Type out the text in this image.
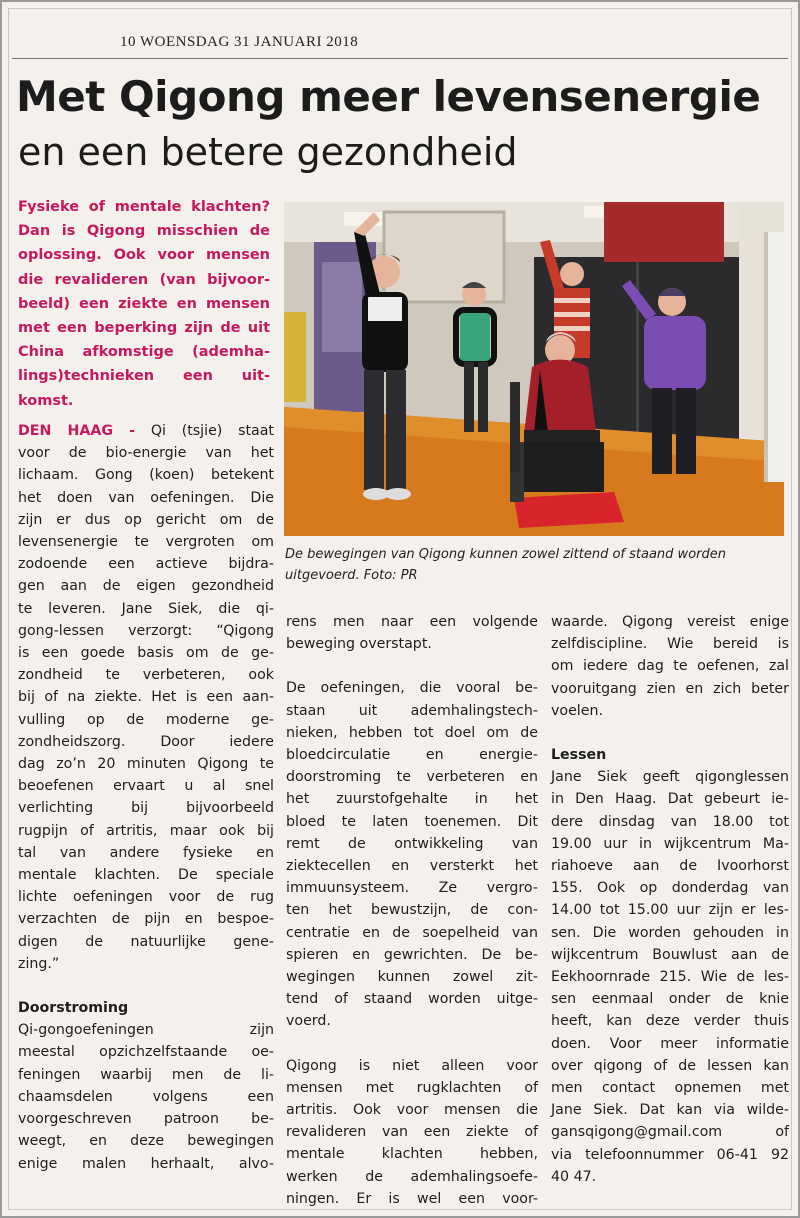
10 WOENSDAG 31 JANUARI 2018
Met Qigong meer levensenergie
en een betere gezondheid
Fysieke of mentale klachten?
Dan is Qigong misschien de
oplossing. Ook voor mensen
die revalideren (van bijvoor-
beeld) een ziekte en mensen
met een beperking zijn de uit
China afkomstige (ademha-
lings)technieken een uit-
komst.
De bewegingen van Qigong kunnen zowel zittend of staand worden
uitgevoerd. Foto: PR
DEN HAAG - Qi (tsjie) staat
voor de bio-energie van het
lichaam. Gong (koen) betekent
het doen van oefeningen. Die
zijn er dus op gericht om de
levensenergie te vergroten om
zodoende een actieve bijdra-
gen aan de eigen gezondheid
te leveren. Jane Siek, die qi-
gong-lessen verzorgt: “Qigong
is een goede basis om de ge-
zondheid te verbeteren, ook
bij of na ziekte. Het is een aan-
vulling op de moderne ge-
zondheidszorg. Door iedere
dag zo’n 20 minuten Qigong te
beoefenen ervaart u al snel
verlichting bij bijvoorbeeld
rugpijn of artritis, maar ook bij
tal van andere fysieke en
mentale klachten. De speciale
lichte oefeningen voor de rug
verzachten de pijn en bespoe-
digen de natuurlijke gene-
zing.”
Doorstroming
Qi-gongoefeningen zijn
meestal opzichzelfstaande oe-
feningen waarbij men de li-
chaamsdelen volgens een
voorgeschreven patroon be-
weegt, en deze bewegingen
enige malen herhaalt, alvo-
rens men naar een volgende
beweging overstapt.
De oefeningen, die vooral be-
staan uit ademhalingstech-
nieken, hebben tot doel om de
bloedcirculatie en energie-
doorstroming te verbeteren en
het zuurstofgehalte in het
bloed te laten toenemen. Dit
remt de ontwikkeling van
ziektecellen en versterkt het
immuunsysteem. Ze vergro-
ten het bewustzijn, de con-
centratie en de soepelheid van
spieren en gewrichten. De be-
wegingen kunnen zowel zit-
tend of staand worden uitge-
voerd.
Qigong is niet alleen voor
mensen met rugklachten of
artritis. Ook voor mensen die
revalideren van een ziekte of
mentale klachten hebben,
werken de ademhalingsoefe-
ningen. Er is wel een voor-
waarde. Qigong vereist enige
zelfdiscipline. Wie bereid is
om iedere dag te oefenen, zal
vooruitgang zien en zich beter
voelen.
Lessen
Jane Siek geeft qigonglessen
in Den Haag. Dat gebeurt ie-
dere dinsdag van 18.00 tot
19.00 uur in wijkcentrum Ma-
riahoeve aan de Ivoorhorst
155. Ook op donderdag van
14.00 tot 15.00 uur zijn er les-
sen. Die worden gehouden in
wijkcentrum Bouwlust aan de
Eekhoornrade 215. Wie de les-
sen eenmaal onder de knie
heeft, kan deze verder thuis
doen. Voor meer informatie
over qigong of de lessen kan
men contact opnemen met
Jane Siek. Dat kan via wilde-
gansqigong@gmail.com of
via telefoonnummer 06-41 92
40 47.
